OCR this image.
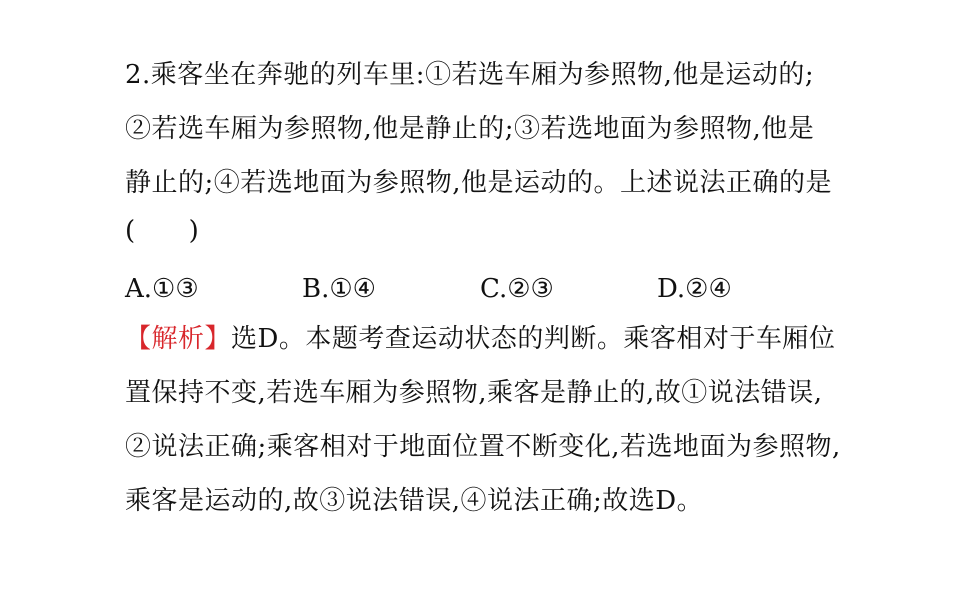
2.乘客坐在奔驰的列车里:①若选车厢为参照物,他是运动的;
②若选车厢为参照物,他是静止的;③若选地面为参照物,他是
静止的;④若选地面为参照物,他是运动的。上述说法正确的是
(　　)
A.①③	B.①④	C.②③	D.②④
【解析】选D。本题考查运动状态的判断。乘客相对于车厢位
置保持不变,若选车厢为参照物,乘客是静止的,故①说法错误,
②说法正确;乘客相对于地面位置不断变化,若选地面为参照物,
乘客是运动的,故③说法错误,④说法正确;故选D。
